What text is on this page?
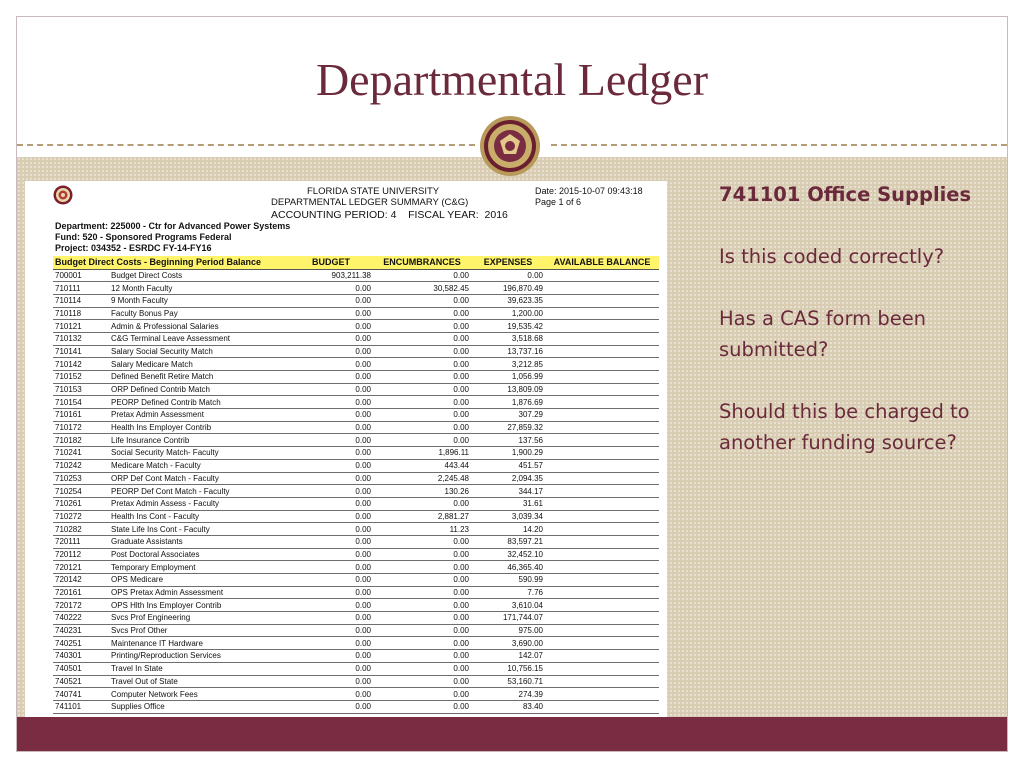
Departmental Ledger
FLORIDA STATE UNIVERSITY
DEPARTMENTAL LEDGER SUMMARY (C&G)
ACCOUNTING PERIOD: 4    FISCAL YEAR:  2016
Date: 2015-10-07 09:43:18
Page 1 of 6
Department: 225000 - Ctr for Advanced Power Systems
Fund: 520 - Sponsored Programs Federal
Project: 034352 - ESRDC FY-14-FY16
Budget Direct Costs - Beginning Period Balance		BUDGET	ENCUMBRANCES	EXPENSES	AVAILABLE BALANCE
700001	Budget Direct Costs	903,211.38	0.00	0.00	
710111	12 Month Faculty	0.00	30,582.45	196,870.49	
710114	9 Month Faculty	0.00	0.00	39,623.35	
710118	Faculty Bonus Pay	0.00	0.00	1,200.00	
710121	Admin & Professional Salaries	0.00	0.00	19,535.42	
710132	C&G Terminal Leave Assessment	0.00	0.00	3,518.68	
710141	Salary Social Security Match	0.00	0.00	13,737.16	
710142	Salary Medicare Match	0.00	0.00	3,212.85	
710152	Defined Benefit Retire Match	0.00	0.00	1,056.99	
710153	ORP Defined Contrib Match	0.00	0.00	13,809.09	
710154	PEORP Defined Contrib Match	0.00	0.00	1,876.69	
710161	Pretax Admin Assessment	0.00	0.00	307.29	
710172	Health Ins Employer Contrib	0.00	0.00	27,859.32	
710182	Life Insurance Contrib	0.00	0.00	137.56	
710241	Social Security Match- Faculty	0.00	1,896.11	1,900.29	
710242	Medicare Match - Faculty	0.00	443.44	451.57	
710253	ORP Def Cont Match - Faculty	0.00	2,245.48	2,094.35	
710254	PEORP Def Cont Match - Faculty	0.00	130.26	344.17	
710261	Pretax Admin Assess - Faculty	0.00	0.00	31.61	
710272	Health Ins Cont - Faculty	0.00	2,881.27	3,039.34	
710282	State Life Ins Cont - Faculty	0.00	11.23	14.20	
720111	Graduate Assistants	0.00	0.00	83,597.21	
720112	Post Doctoral Associates	0.00	0.00	32,452.10	
720121	Temporary Employment	0.00	0.00	46,365.40	
720142	OPS Medicare	0.00	0.00	590.99	
720161	OPS Pretax Admin Assessment	0.00	0.00	7.76	
720172	OPS Hlth Ins Employer Contrib	0.00	0.00	3,610.04	
740222	Svcs Prof Engineering	0.00	0.00	171,744.07	
740231	Svcs Prof Other	0.00	0.00	975.00	
740251	Maintenance IT Hardware	0.00	0.00	3,690.00	
740301	Printing/Reproduction Services	0.00	0.00	142.07	
740501	Travel In State	0.00	0.00	10,756.15	
740521	Travel Out of State	0.00	0.00	53,160.71	
740741	Computer Network Fees	0.00	0.00	274.39	
741101	Supplies Office	0.00	0.00	83.40	
741101 Office Supplies
Is this coded correctly?
Has a CAS form been submitted?
Should this be charged to another funding source?
